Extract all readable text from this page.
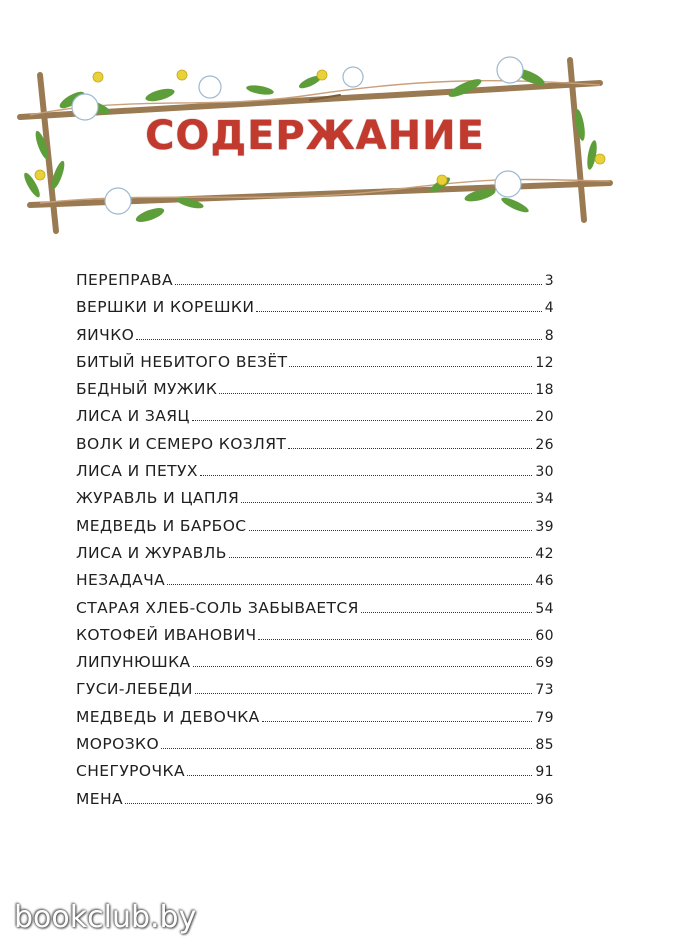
СОДЕРЖАНИЕ
ПЕРЕПРАВА	3
ВЕРШКИ И КОРЕШКИ	4
ЯИЧКО	8
БИТЫЙ НЕБИТОГО ВЕЗЁТ	12
БЕДНЫЙ МУЖИК	18
ЛИСА И ЗАЯЦ	20
ВОЛК И СЕМЕРО КОЗЛЯТ	26
ЛИСА И ПЕТУХ	30
ЖУРАВЛЬ И ЦАПЛЯ	34
МЕДВЕДЬ И БАРБОС	39
ЛИСА И ЖУРАВЛЬ	42
НЕЗАДАЧА	46
СТАРАЯ ХЛЕБ-СОЛЬ ЗАБЫВАЕТСЯ	54
КОТОФЕЙ ИВАНОВИЧ	60
ЛИПУНЮШКА	69
ГУСИ-ЛЕБЕДИ	73
МЕДВЕДЬ И ДЕВОЧКА	79
МОРОЗКО	85
СНЕГУРОЧКА	91
МЕНА	96
bookclub.by
